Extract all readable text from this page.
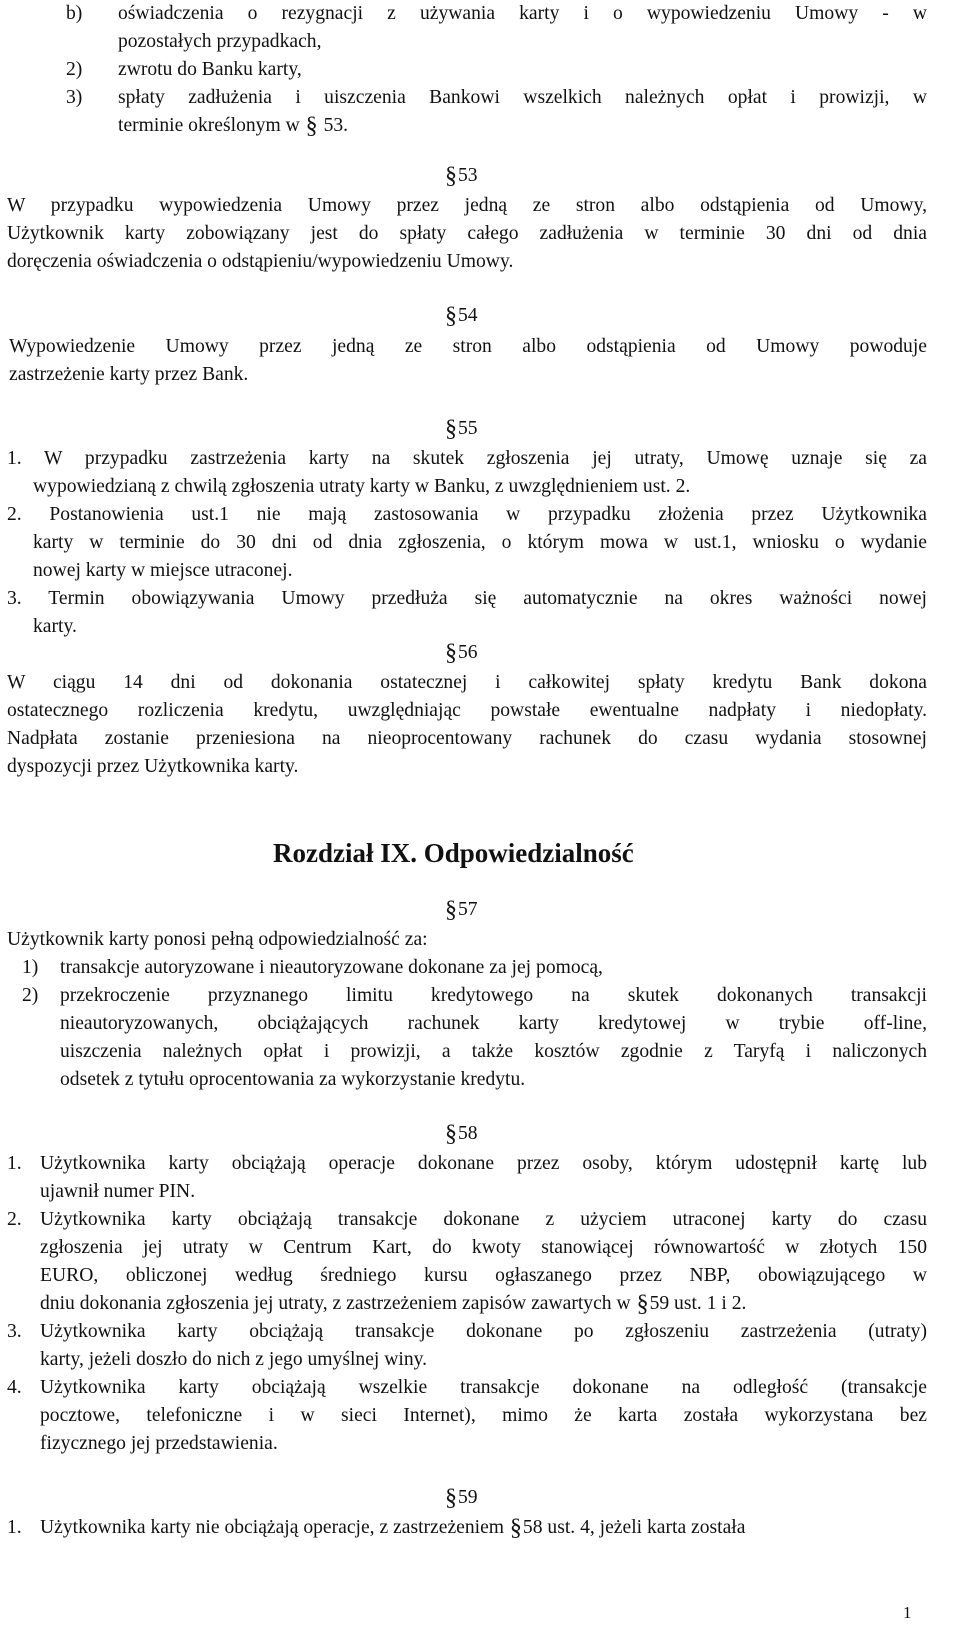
b) oświadczenia o rezygnacji z używania karty i o wypowiedzeniu Umowy - w
pozostałych przypadkach,
2) zwrotu do Banku karty,
3) spłaty zadłużenia i uiszczenia Bankowi wszelkich należnych opłat i prowizji, w
terminie określonym w § 53.
§53
W przypadku wypowiedzenia Umowy przez jedną ze stron albo odstąpienia od Umowy,
Użytkownik karty zobowiązany jest do spłaty całego zadłużenia w terminie 30 dni od dnia
doręczenia oświadczenia o odstąpieniu/wypowiedzeniu Umowy.
§54
Wypowiedzenie Umowy przez jedną ze stron albo odstąpienia od Umowy powoduje
zastrzeżenie karty przez Bank.
§55
1. W przypadku zastrzeżenia karty na skutek zgłoszenia jej utraty, Umowę uznaje się za
wypowiedzianą z chwilą zgłoszenia utraty karty w Banku, z uwzględnieniem ust. 2.
2. Postanowienia ust.1 nie mają zastosowania w przypadku złożenia przez Użytkownika
karty w terminie do 30 dni od dnia zgłoszenia, o którym mowa w ust.1, wniosku o wydanie
nowej karty w miejsce utraconej.
3. Termin obowiązywania Umowy przedłuża się automatycznie na okres ważności nowej
karty.
§56
W ciągu 14 dni od dokonania ostatecznej i całkowitej spłaty kredytu Bank dokona
ostatecznego rozliczenia kredytu, uwzględniając powstałe ewentualne nadpłaty i niedopłaty.
Nadpłata zostanie przeniesiona na nieoprocentowany rachunek do czasu wydania stosownej
dyspozycji przez Użytkownika karty.
Rozdział IX. Odpowiedzialność
§57
Użytkownik karty ponosi pełną odpowiedzialność za:
1) transakcje autoryzowane i nieautoryzowane dokonane za jej pomocą,
2) przekroczenie przyznanego limitu kredytowego na skutek dokonanych transakcji
nieautoryzowanych, obciążających rachunek karty kredytowej w trybie off-line,
uiszczenia należnych opłat i prowizji, a także kosztów zgodnie z Taryfą i naliczonych
odsetek z tytułu oprocentowania za wykorzystanie kredytu.
§58
1. Użytkownika karty obciążają operacje dokonane przez osoby, którym udostępnił kartę lub
ujawnił numer PIN.
2. Użytkownika karty obciążają transakcje dokonane z użyciem utraconej karty do czasu
zgłoszenia jej utraty w Centrum Kart, do kwoty stanowiącej równowartość w złotych 150
EURO, obliczonej według średniego kursu ogłaszanego przez NBP, obowiązującego w
dniu dokonania zgłoszenia jej utraty, z zastrzeżeniem zapisów zawartych w §59 ust. 1 i 2.
3. Użytkownika karty obciążają transakcje dokonane po zgłoszeniu zastrzeżenia (utraty)
karty, jeżeli doszło do nich z jego umyślnej winy.
4. Użytkownika karty obciążają wszelkie transakcje dokonane na odległość (transakcje
pocztowe, telefoniczne i w sieci Internet), mimo że karta została wykorzystana bez
fizycznego jej przedstawienia.
§59
1. Użytkownika karty nie obciążają operacje, z zastrzeżeniem §58 ust. 4, jeżeli karta została
1
